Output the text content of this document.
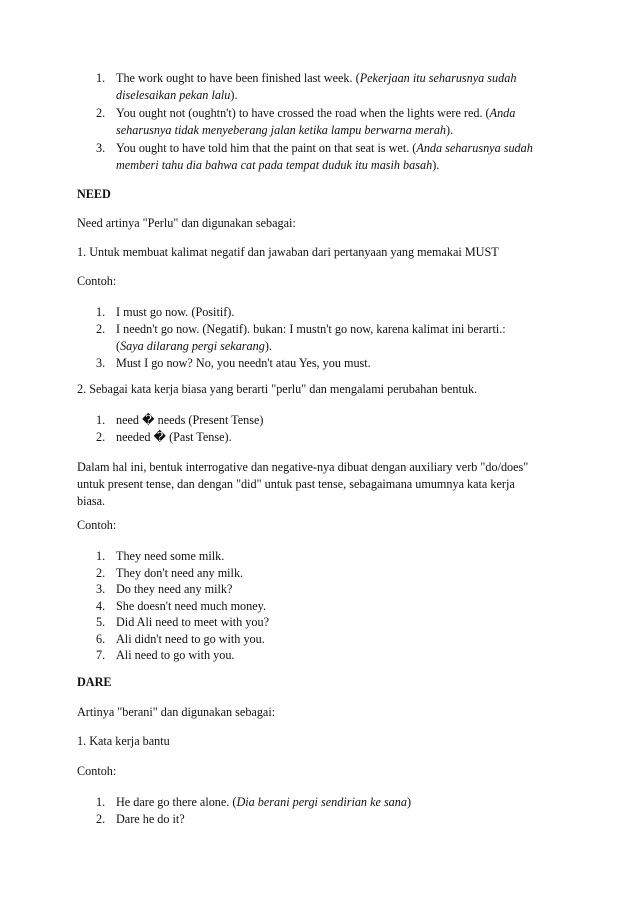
1. The work ought to have been finished last week. (Pekerjaan itu seharusnya sudah

diselesaikan pekan lalu).

2. You ought not (oughtn't) to have crossed the road when the lights were red. (Anda

seharusnya tidak menyeberang jalan ketika lampu berwarna merah).

3. You ought to have told him that the paint on that seat is wet. (Anda seharusnya sudah

memberi tahu dia bahwa cat pada tempat duduk itu masih basah).

NEED

Need artinya "Perlu" dan digunakan sebagai:

1. Untuk membuat kalimat negatif dan jawaban dari pertanyaan yang memakai MUST

Contoh:

1. I must go now. (Positif).

2. I needn't go now. (Negatif). bukan: I mustn't go now, karena kalimat ini berarti.:

(Saya dilarang pergi sekarang).

3. Must I go now? No, you needn't atau Yes, you must.

2. Sebagai kata kerja biasa yang berarti "perlu" dan mengalami perubahan bentuk.

1. need � needs (Present Tense)

2. needed � (Past Tense).

Dalam hal ini, bentuk interrogative dan negative-nya dibuat dengan auxiliary verb "do/does"

untuk present tense, dan dengan "did" untuk past tense, sebagaimana umumnya kata kerja

biasa.

Contoh:

1. They need some milk.

2. They don't need any milk.

3. Do they need any milk?

4. She doesn't need much money.

5. Did Ali need to meet with you?

6. Ali didn't need to go with you.

7. Ali need to go with you.

DARE

Artinya "berani" dan digunakan sebagai:

1. Kata kerja bantu

Contoh:

1. He dare go there alone. (Dia berani pergi sendirian ke sana)

2. Dare he do it?
